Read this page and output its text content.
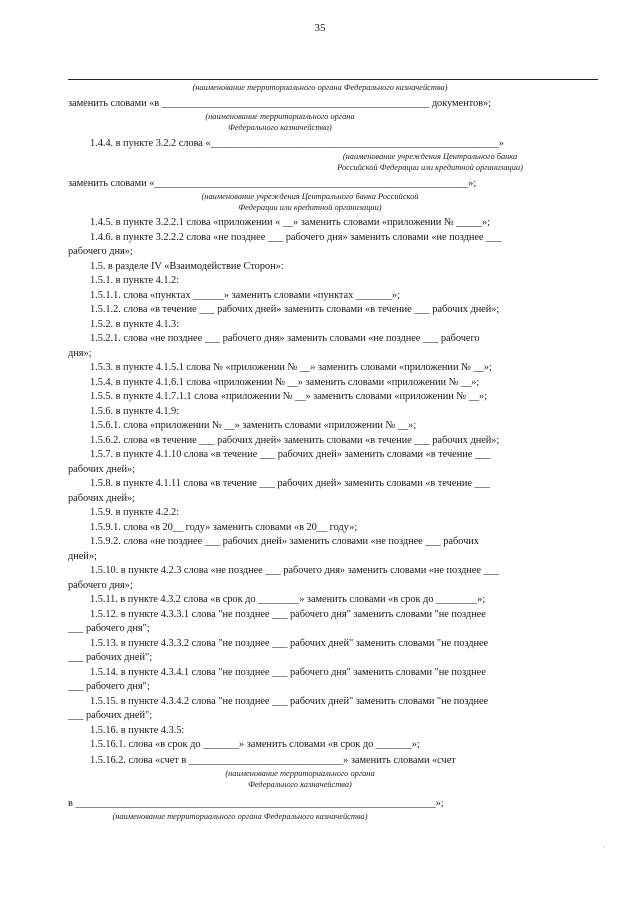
35
(наименование территориального органа Федерального казначейства)
заменить словами «в ____________________________________________________ документов»;
(наименование территориального органа
Федерального казначейства)
1.4.4. в пункте 3.2.2 слова «________________________________________________________»
(наименование учреждения Центрального банка
Российской Федерации или кредитной организации)
заменить словами «_____________________________________________________________»;
(наименование учреждения Центрального банка Российской
Федерации или кредитной организации)
1.4.5. в пункте 3.2.2.1 слова «приложении « __» заменить словами «приложении № _____»;
1.4.6. в пункте 3.2.2.2 слова «не позднее ___ рабочего дня» заменить словами «не позднее ___
рабочего дня»;
1.5. в разделе IV «Взаимодействие Сторон»:
1.5.1. в пункте 4.1.2:
1.5.1.1. слова «пунктах ______» заменить словами «пунктах _______»;
1.5.1.2. слова «в течение ___ рабочих дней» заменить словами «в течение ___ рабочих дней»;
1.5.2. в пункте 4.1.3:
1.5.2.1. слова «не позднее ___ рабочего дня» заменить словами «не позднее ___ рабочего
дня»;
1.5.3. в пункте 4.1.5.1 слова № «приложении № __» заменить словами «приложении № __»;
1.5.4. в пункте 4.1.6.1 слова «приложении № __» заменить словами «приложении № __»;
1.5.5. в пункте 4.1.7.1.1 слова «приложении № __» заменить словами «приложении № __»;
1.5.6. в пункте 4.1.9:
1.5.6.1. слова «приложении № __» заменить словами «приложении № __»;
1.5.6.2. слова «в течение ___ рабочих дней» заменить словами «в течение ___ рабочих дней»;
1.5.7. в пункте 4.1.10 слова «в течение ___ рабочих дней» заменить словами «в течение ___
рабочих дней»;
1.5.8. в пункте 4.1.11 слова «в течение ___ рабочих дней» заменить словами «в течение ___
рабочих дней»;
1.5.9. в пункте 4.2.2:
1.5.9.1. слова «в 20__ году» заменить словами «в 20__ году»;
1.5.9.2. слова «не позднее ___ рабочих дней» заменить словами «не позднее ___ рабочих
дней»;
1.5.10. в пункте 4.2.3 слова «не позднее ___ рабочего дня» заменить словами «не позднее ___
рабочего дня»;
1.5.11. в пункте 4.3.2 слова «в срок до ________» заменить словами «в срок до ________»;
1.5.12. в пункте 4.3.3.1 слова "не позднее ___ рабочего дня" заменить словами "не позднее
___ рабочего дня";
1.5.13. в пункте 4.3.3.2 слова "не позднее ___ рабочих дней" заменить словами "не позднее
___ рабочих дней";
1.5.14. в пункте 4.3.4.1 слова "не позднее ___ рабочего дня" заменить словами "не позднее
___ рабочего дня";
1.5.15. в пункте 4.3.4.2 слова "не позднее ___ рабочих дней" заменить словами "не позднее
___ рабочих дней";
1.5.16. в пункте 4.3.5:
1.5.16.1. слова «в срок до _______» заменить словами «в срок до _______»;
1.5.16.2. слова «счет в ______________________________» заменить словами «счет
(наименование территориального органа
Федерального казначейства)
в ______________________________________________________________________»;
(наименование территориального органа Федерального казначейства)
